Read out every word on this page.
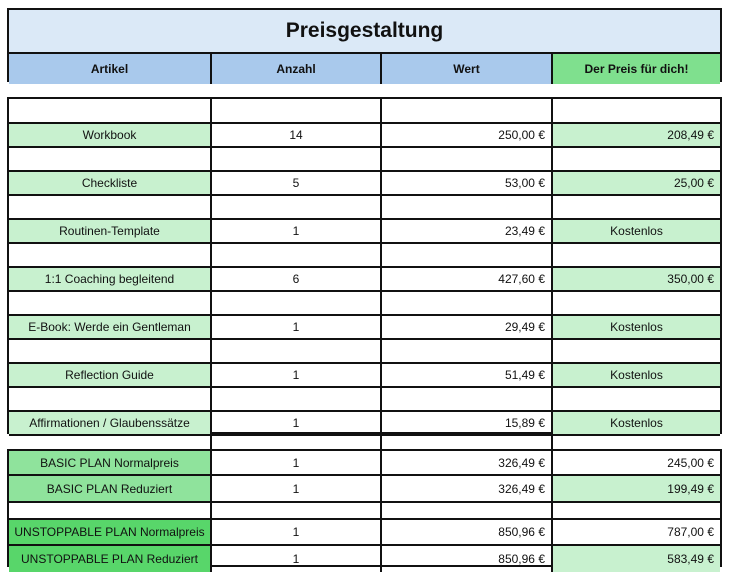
Preisgestaltung
Artikel	Anzahl	Wert	Der Preis für dich!
Workbook	14	250,00 €	208,49 €
Checkliste	5	53,00 €	25,00 €
Routinen-Template	1	23,49 €	Kostenlos
1:1 Coaching begleitend	6	427,60 €	350,00 €
E-Book: Werde ein Gentleman	1	29,49 €	Kostenlos
Reflection Guide	1	51,49 €	Kostenlos
Affirmationen / Glaubenssätze	1	15,89 €	Kostenlos
BASIC PLAN Normalpreis	1	326,49 €	245,00 €
BASIC PLAN Reduziert	1	326,49 €	199,49 €
UNSTOPPABLE PLAN Normalpreis	1	850,96 €	787,00 €
UNSTOPPABLE PLAN Reduziert	1	850,96 €	583,49 €
